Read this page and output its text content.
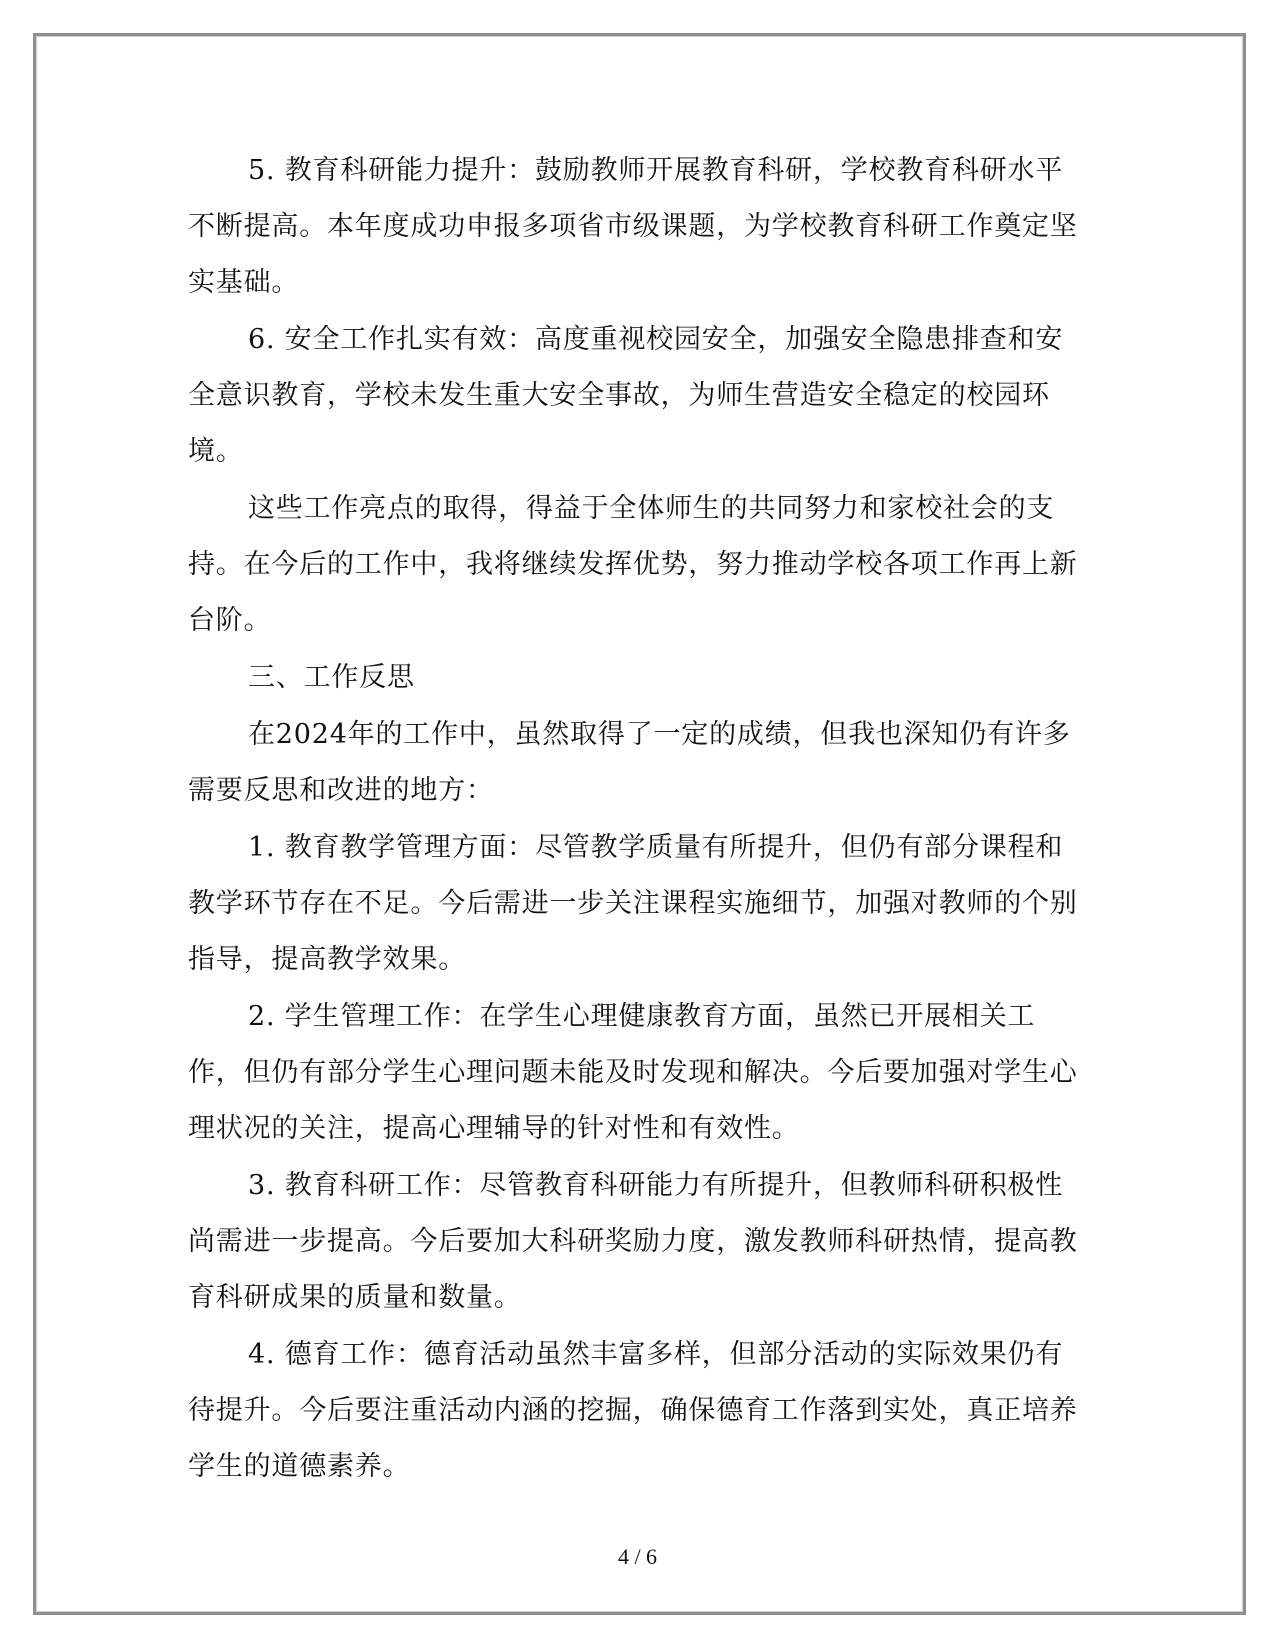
5. 教育科研能力提升：鼓励教师开展教育科研，学校教育科研水平不断提高。本年度成功申报多项省市级课题，为学校教育科研工作奠定坚实基础。

6. 安全工作扎实有效：高度重视校园安全，加强安全隐患排查和安全意识教育，学校未发生重大安全事故，为师生营造安全稳定的校园环境。

这些工作亮点的取得，得益于全体师生的共同努力和家校社会的支持。在今后的工作中，我将继续发挥优势，努力推动学校各项工作再上新台阶。

三、工作反思

在2024年的工作中，虽然取得了一定的成绩，但我也深知仍有许多需要反思和改进的地方：

1. 教育教学管理方面：尽管教学质量有所提升，但仍有部分课程和教学环节存在不足。今后需进一步关注课程实施细节，加强对教师的个别指导，提高教学效果。

2. 学生管理工作：在学生心理健康教育方面，虽然已开展相关工作，但仍有部分学生心理问题未能及时发现和解决。今后要加强对学生心理状况的关注，提高心理辅导的针对性和有效性。

3. 教育科研工作：尽管教育科研能力有所提升，但教师科研积极性尚需进一步提高。今后要加大科研奖励力度，激发教师科研热情，提高教育科研成果的质量和数量。

4. 德育工作：德育活动虽然丰富多样，但部分活动的实际效果仍有待提升。今后要注重活动内涵的挖掘，确保德育工作落到实处，真正培养学生的道德素养。

4 / 6
